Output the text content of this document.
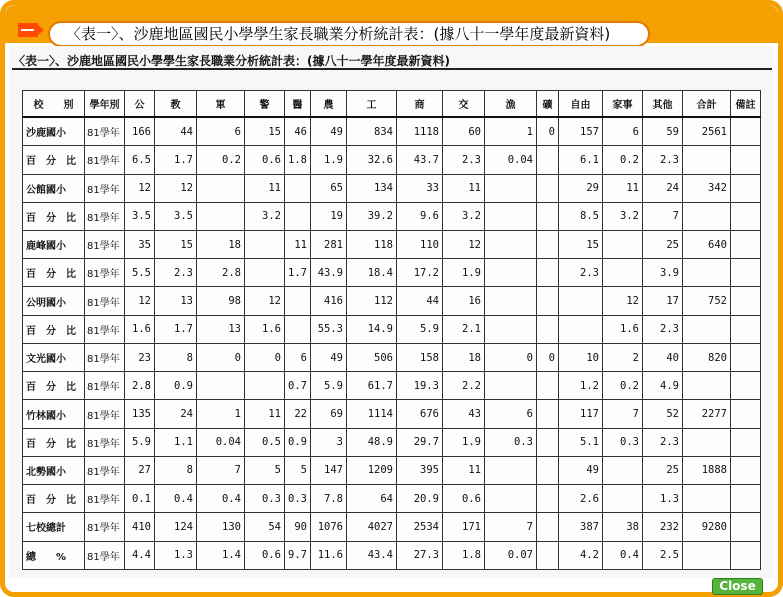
〈表一〉、沙鹿地區國民小學學生家長職業分析統計表：(據八十一學年度最新資料)
〈表一〉、沙鹿地區國民小學學生家長職業分析統計表：(據八十一學年度最新資料)
校　　別	學年別	公	教	軍	警	醫	農	工	商	交	漁	礦	自由	家事	其他	合計	備註
沙鹿國小	81學年	166	44	6	15	46	49	834	1118	60	1	0	157	6	59	2561	
百　分　比	81學年	6.5	1.7	0.2	0.6	1.8	1.9	32.6	43.7	2.3	0.04		6.1	0.2	2.3		
公館國小	81學年	12	12		11		65	134	33	11			29	11	24	342	
百　分　比	81學年	3.5	3.5		3.2		19	39.2	9.6	3.2			8.5	3.2	7		
鹿峰國小	81學年	35	15	18		11	281	118	110	12			15		25	640	
百　分　比	81學年	5.5	2.3	2.8		1.7	43.9	18.4	17.2	1.9			2.3		3.9		
公明國小	81學年	12	13	98	12		416	112	44	16				12	17	752	
百　分　比	81學年	1.6	1.7	13	1.6		55.3	14.9	5.9	2.1				1.6	2.3		
文光國小	81學年	23	8	0	0	6	49	506	158	18	0	0	10	2	40	820	
百　分　比	81學年	2.8	0.9			0.7	5.9	61.7	19.3	2.2			1.2	0.2	4.9		
竹林國小	81學年	135	24	1	11	22	69	1114	676	43	6		117	7	52	2277	
百　分　比	81學年	5.9	1.1	0.04	0.5	0.9	3	48.9	29.7	1.9	0.3		5.1	0.3	2.3		
北勢國小	81學年	27	8	7	5	5	147	1209	395	11			49		25	1888	
百　分　比	81學年	0.1	0.4	0.4	0.3	0.3	7.8	64	20.9	0.6			2.6		1.3		
七校總計	81學年	410	124	130	54	90	1076	4027	2534	171	7		387	38	232	9280	
總　　%	81學年	4.4	1.3	1.4	0.6	9.7	11.6	43.4	27.3	1.8	0.07		4.2	0.4	2.5		
Close
